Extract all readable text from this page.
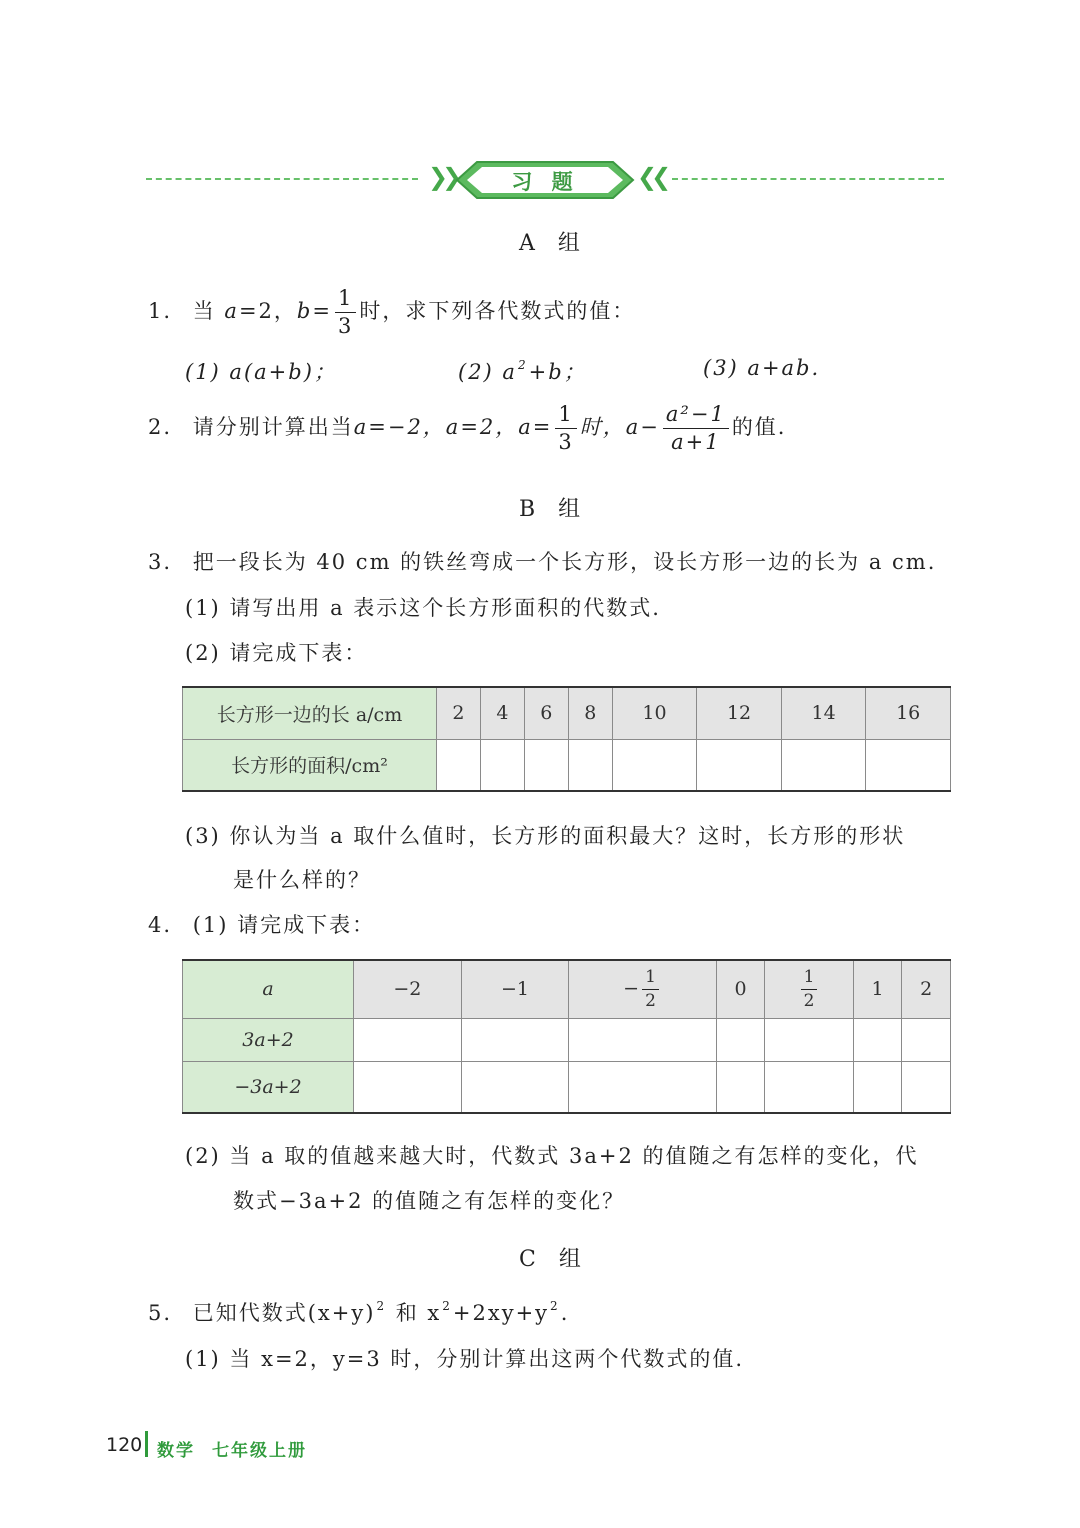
❯❯	习 题	❮❮
A 组
1. 当 a=2，$b= \frac{1}{3}$ 时，求下列各代数式的值：
(1) a(a+b)；	(2) $a^2+b$；	(3) a+ab.
2. 请分别计算出当a=−2，a=2，$a= \frac{1}{3}$ 时，$a- \frac{\text{a²−1}}{a+1}$ 的值.
B 组
3. 把一段长为 40 cm 的铁丝弯成一个长方形，设长方形一边的长为 a cm.
(1) 请写出用 a 表示这个长方形面积的代数式.
(2) 请完成下表：
长方形一边的长 a/cm	2	4	6	8	10	12	14	16
长方形的面积/cm²								
(3) 你认为当 a 取什么值时，长方形的面积最大？这时，长方形的形状
是什么样的？
4. (1) 请完成下表：
a	−2	−1	− $\frac{1}{2}$	0	$\frac{1}{2}$	1	2
3a+2							
−3a+2							
(2) 当 a 取的值越来越大时，代数式 3a+2 的值随之有怎样的变化，代
数式−3a+2 的值随之有怎样的变化？
C 组
5. 已知代数式$(x+y)^2$ 和 $x^2+2xy+y^2$.
(1) 当 x=2，y=3 时，分别计算出这两个代数式的值.
120 数学 七年级上册
